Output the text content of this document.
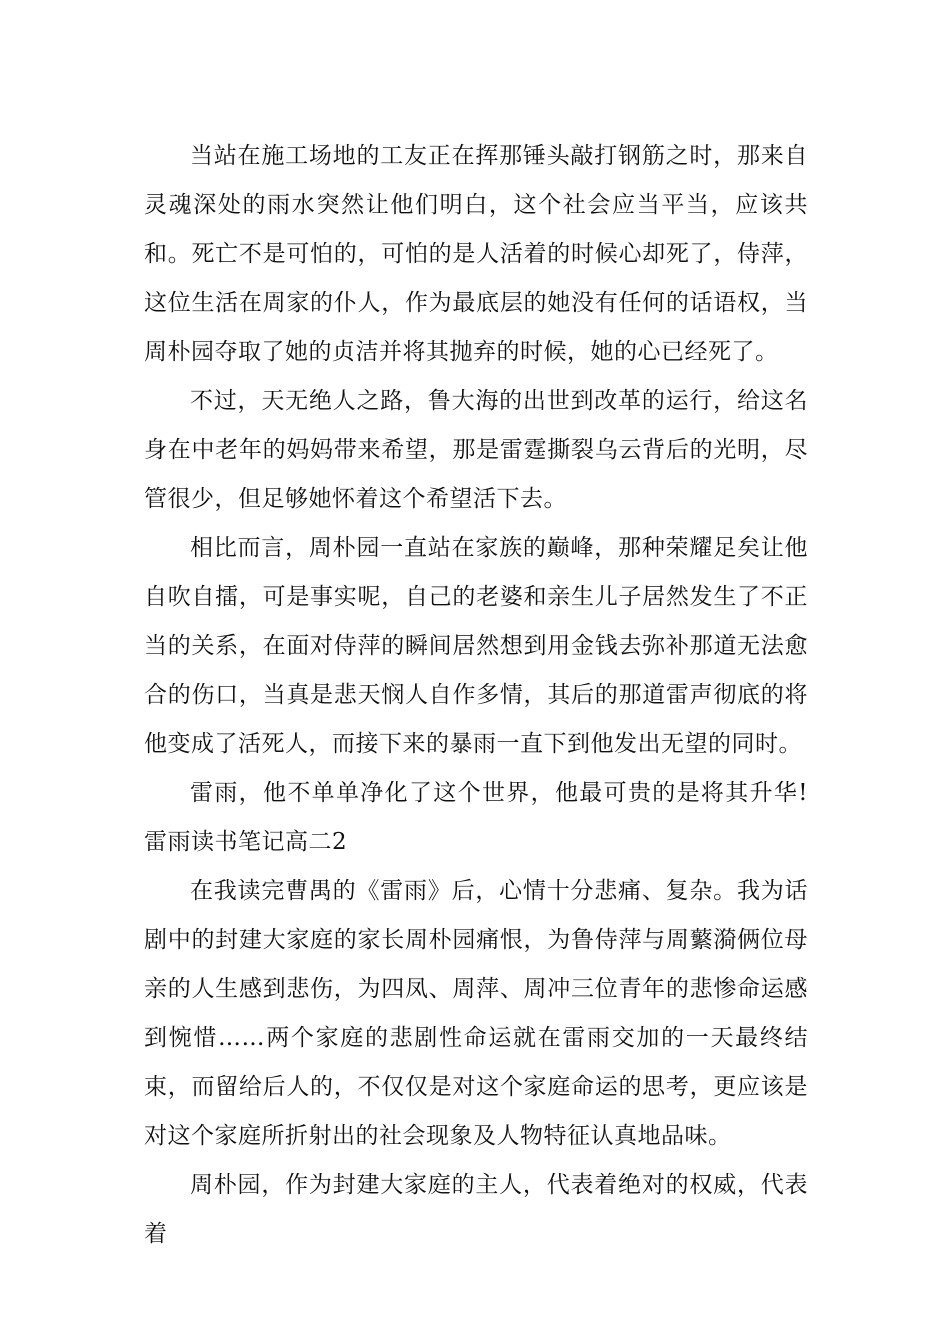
当站在施工场地的工友正在挥那锤头敲打钢筋之时，那来自灵魂深处的雨水突然让他们明白，这个社会应当平当，应该共和。死亡不是可怕的，可怕的是人活着的时候心却死了，侍萍，这位生活在周家的仆人，作为最底层的她没有任何的话语权，当周朴园夺取了她的贞洁并将其抛弃的时候，她的心已经死了。

不过，天无绝人之路，鲁大海的出世到改革的运行，给这名身在中老年的妈妈带来希望，那是雷霆撕裂乌云背后的光明，尽管很少，但足够她怀着这个希望活下去。

相比而言，周朴园一直站在家族的巅峰，那种荣耀足矣让他自吹自擂，可是事实呢，自己的老婆和亲生儿子居然发生了不正当的关系，在面对侍萍的瞬间居然想到用金钱去弥补那道无法愈合的伤口，当真是悲天悯人自作多情，其后的那道雷声彻底的将他变成了活死人，而接下来的暴雨一直下到他发出无望的同时。

雷雨，他不单单净化了这个世界，他最可贵的是将其升华!雷雨读书笔记高二2

在我读完曹禺的《雷雨》后，心情十分悲痛、复杂。我为话剧中的封建大家庭的家长周朴园痛恨，为鲁侍萍与周蘩漪俩位母亲的人生感到悲伤，为四凤、周萍、周冲三位青年的悲惨命运感到惋惜……两个家庭的悲剧性命运就在雷雨交加的一天最终结束，而留给后人的，不仅仅是对这个家庭命运的思考，更应该是对这个家庭所折射出的社会现象及人物特征认真地品味。

周朴园，作为封建大家庭的主人，代表着绝对的权威，代表着
